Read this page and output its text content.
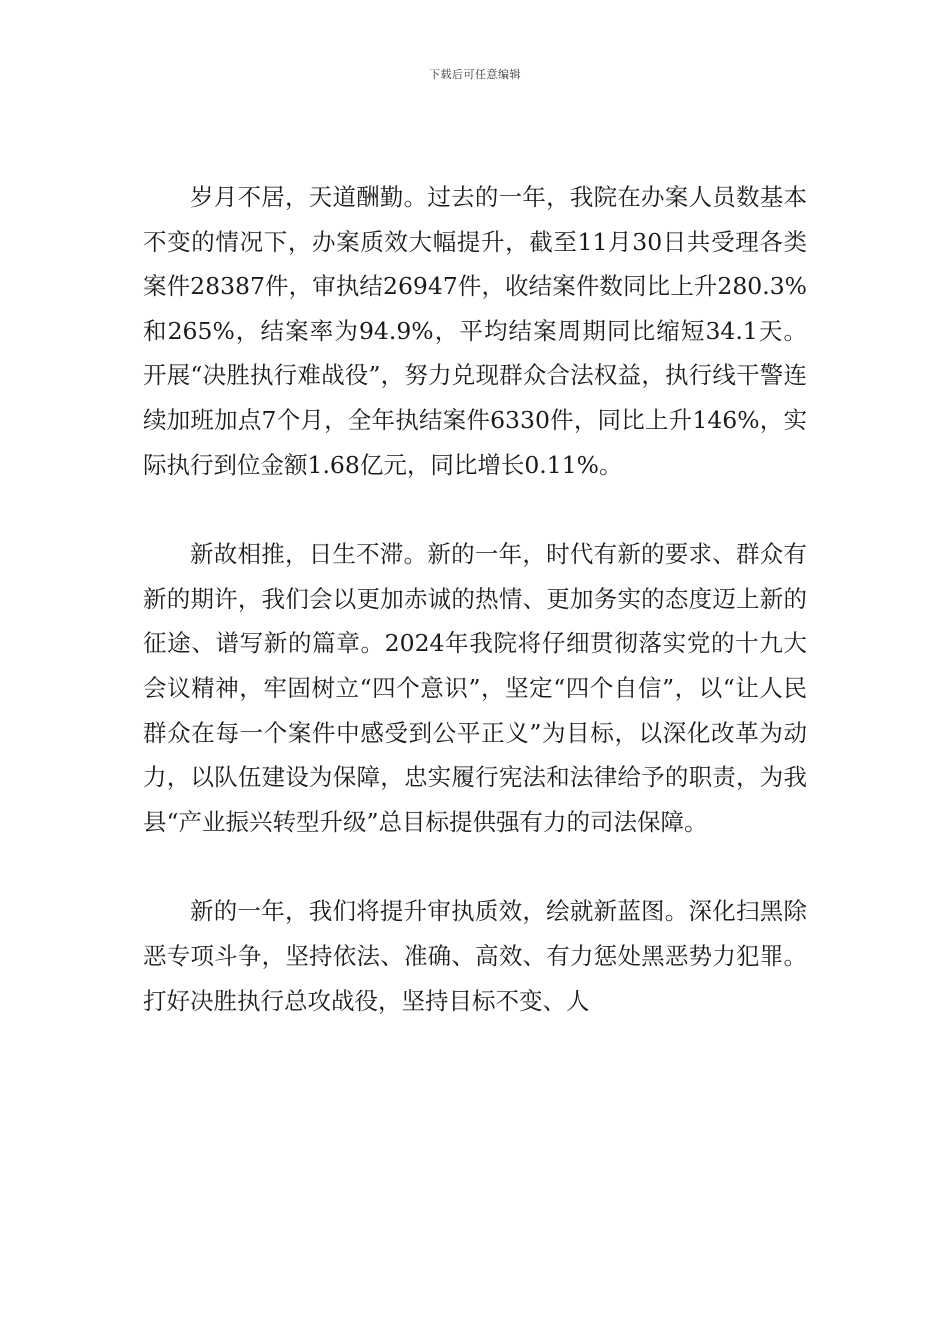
下载后可任意编辑

岁月不居，天道酬勤。过去的一年，我院在办案人员数基本不变的情况下，办案质效大幅提升，截至11月30日共受理各类案件28387件，审执结26947件，收结案件数同比上升280.3%和265%，结案率为94.9%，平均结案周期同比缩短34.1天。开展“决胜执行难战役”，努力兑现群众合法权益，执行线干警连续加班加点7个月，全年执结案件6330件，同比上升146%，实际执行到位金额1.68亿元，同比增长0.11%。

新故相推，日生不滞。新的一年，时代有新的要求、群众有新的期许，我们会以更加赤诚的热情、更加务实的态度迈上新的征途、谱写新的篇章。2024年我院将仔细贯彻落实党的十九大会议精神，牢固树立“四个意识”，坚定“四个自信”，以“让人民群众在每一个案件中感受到公平正义”为目标，以深化改革为动力，以队伍建设为保障，忠实履行宪法和法律给予的职责，为我县“产业振兴转型升级”总目标提供强有力的司法保障。

新的一年，我们将提升审执质效，绘就新蓝图。深化扫黑除恶专项斗争，坚持依法、准确、高效、有力惩处黑恶势力犯罪。打好决胜执行总攻战役，坚持目标不变、人
